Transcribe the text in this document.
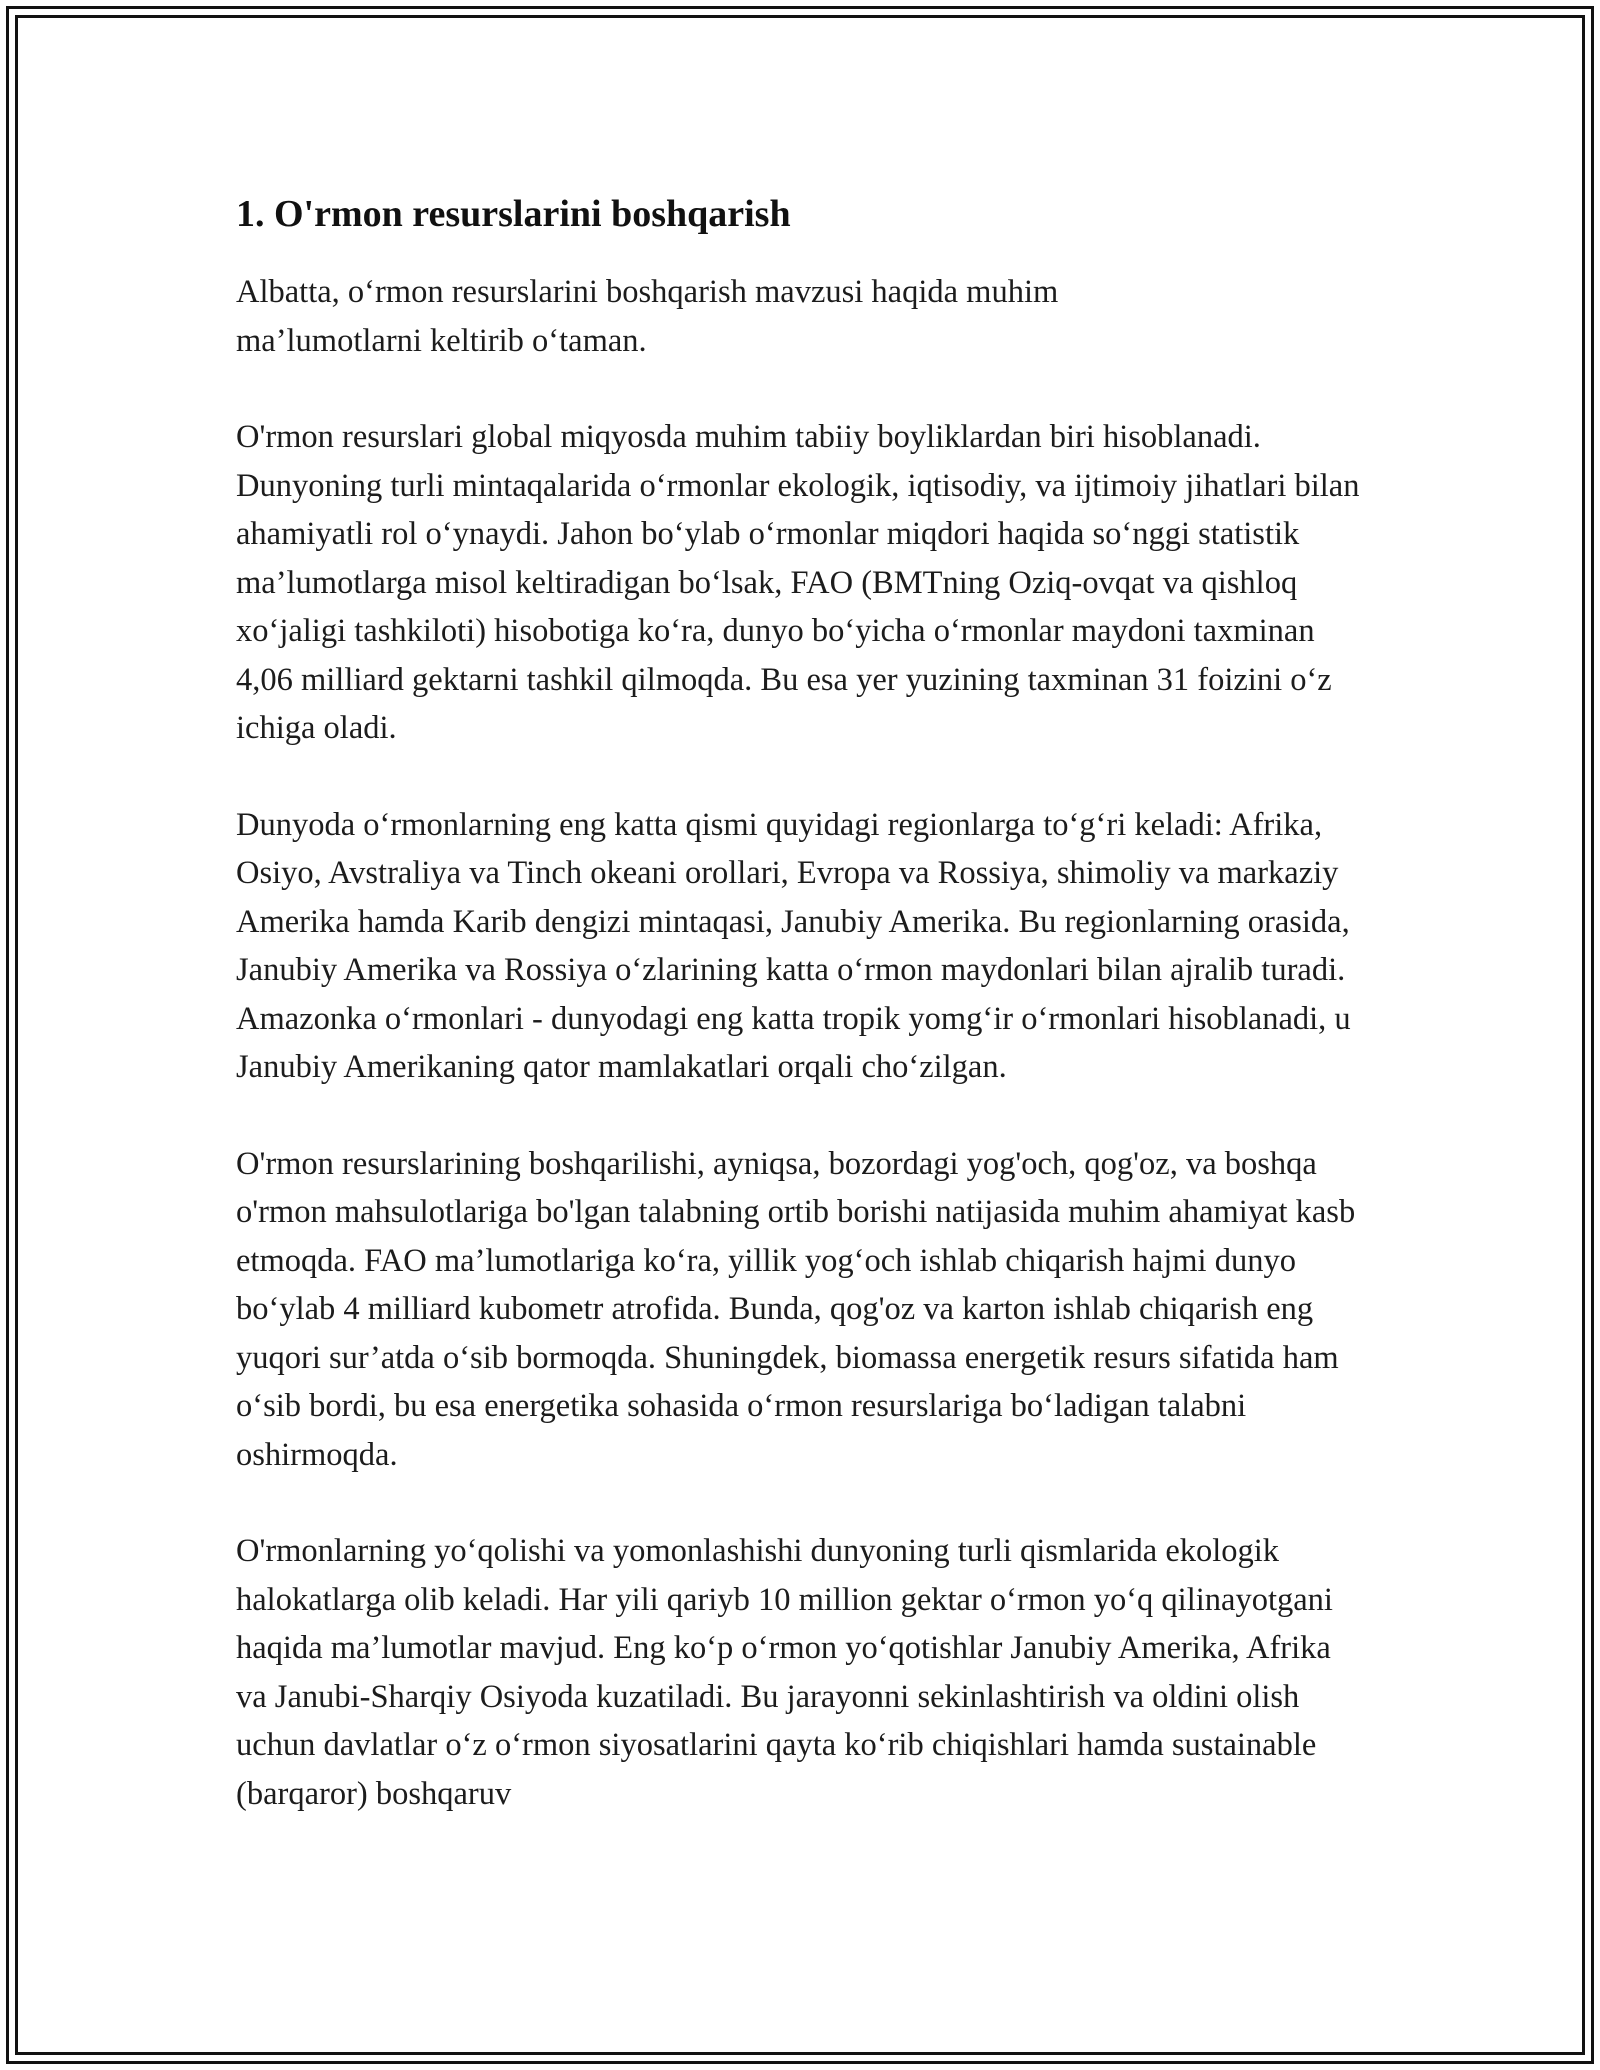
1. O'rmon resurslarini boshqarish

Albatta, o‘rmon resurslarini boshqarish mavzusi haqida muhim ma’lumotlarni keltirib o‘taman.

O'rmon resurslari global miqyosda muhim tabiiy boyliklardan biri hisoblanadi. Dunyoning turli mintaqalarida o‘rmonlar ekologik, iqtisodiy, va ijtimoiy jihatlari bilan ahamiyatli rol o‘ynaydi. Jahon bo‘ylab o‘rmonlar miqdori haqida so‘nggi statistik ma’lumotlarga misol keltiradigan bo‘lsak, FAO (BMTning Oziq-ovqat va qishloq xo‘jaligi tashkiloti) hisobotiga ko‘ra, dunyo bo‘yicha o‘rmonlar maydoni taxminan 4,06 milliard gektarni tashkil qilmoqda. Bu esa yer yuzining taxminan 31 foizini o‘z ichiga oladi.

Dunyoda o‘rmonlarning eng katta qismi quyidagi regionlarga to‘g‘ri keladi: Afrika, Osiyo, Avstraliya va Tinch okeani orollari, Evropa va Rossiya, shimoliy va markaziy Amerika hamda Karib dengizi mintaqasi, Janubiy Amerika. Bu regionlarning orasida, Janubiy Amerika va Rossiya o‘zlarining katta o‘rmon maydonlari bilan ajralib turadi. Amazonka o‘rmonlari - dunyodagi eng katta tropik yomg‘ir o‘rmonlari hisoblanadi, u Janubiy Amerikaning qator mamlakatlari orqali cho‘zilgan.

O'rmon resurslarining boshqarilishi, ayniqsa, bozordagi yog'och, qog'oz, va boshqa o'rmon mahsulotlariga bo'lgan talabning ortib borishi natijasida muhim ahamiyat kasb etmoqda. FAO ma’lumotlariga ko‘ra, yillik yog‘och ishlab chiqarish hajmi dunyo bo‘ylab 4 milliard kubometr atrofida. Bunda, qog'oz va karton ishlab chiqarish eng yuqori sur’atda o‘sib bormoqda. Shuningdek, biomassa energetik resurs sifatida ham o‘sib bordi, bu esa energetika sohasida o‘rmon resurslariga bo‘ladigan talabni oshirmoqda.

O'rmonlarning yo‘qolishi va yomonlashishi dunyoning turli qismlarida ekologik halokatlarga olib keladi. Har yili qariyb 10 million gektar o‘rmon yo‘q qilinayotgani haqida ma’lumotlar mavjud. Eng ko‘p o‘rmon yo‘qotishlar Janubiy Amerika, Afrika va Janubi-Sharqiy Osiyoda kuzatiladi. Bu jarayonni sekinlashtirish va oldini olish uchun davlatlar o‘z o‘rmon siyosatlarini qayta ko‘rib chiqishlari hamda sustainable (barqaror) boshqaruv
